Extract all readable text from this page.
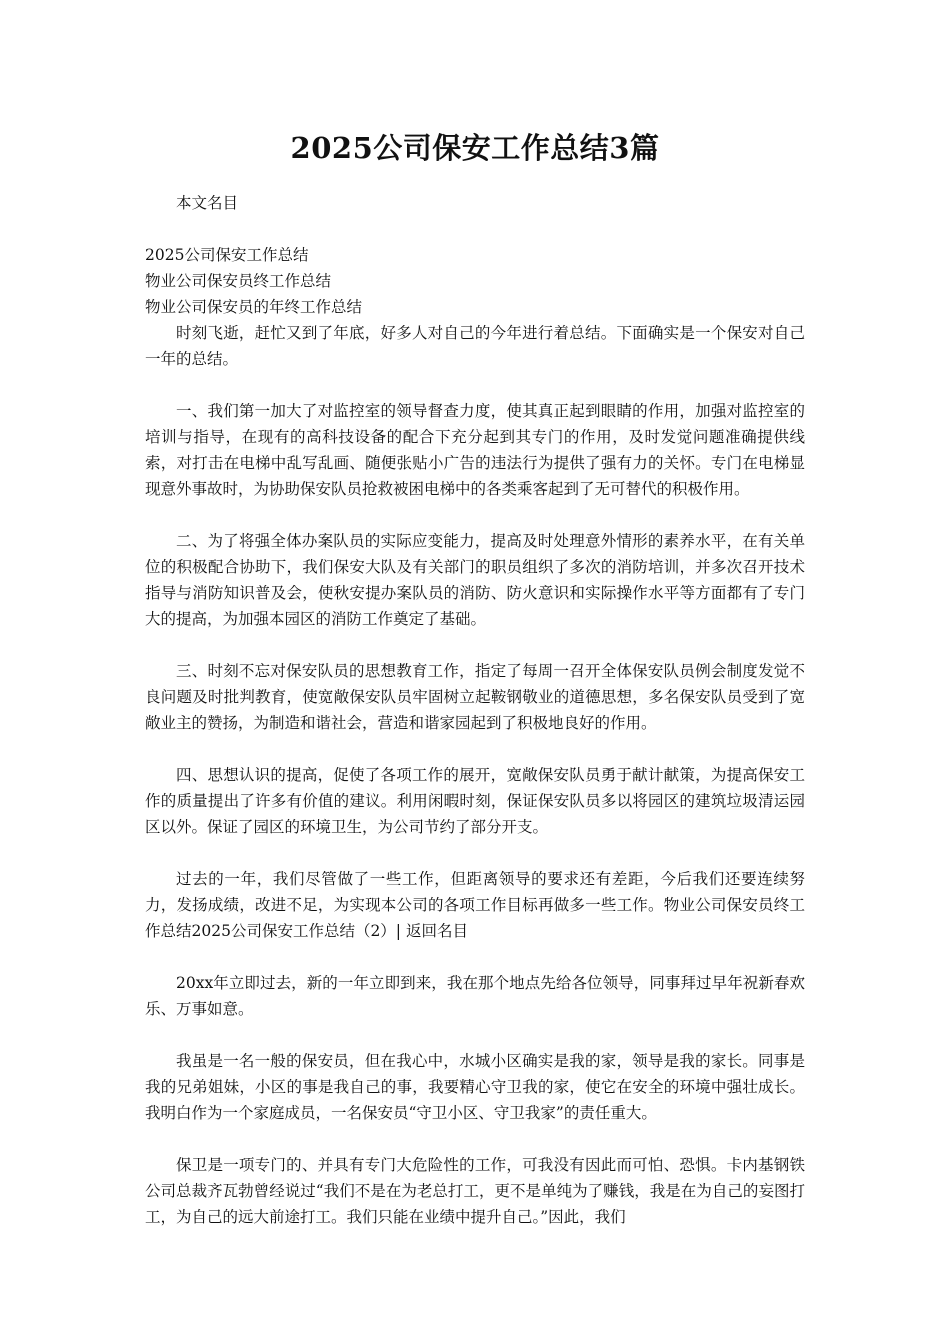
2025公司保安工作总结3篇

本文名目

2025公司保安工作总结
物业公司保安员终工作总结
物业公司保安员的年终工作总结

时刻飞逝，赶忙又到了年底，好多人对自己的今年进行着总结。下面确实是一个保安对自己一年的总结。

一、我们第一加大了对监控室的领导督查力度，使其真正起到眼睛的作用，加强对监控室的培训与指导，在现有的高科技设备的配合下充分起到其专门的作用，及时发觉问题准确提供线索，对打击在电梯中乱写乱画、随便张贴小广告的违法行为提供了强有力的关怀。专门在电梯显现意外事故时，为协助保安队员抢救被困电梯中的各类乘客起到了无可替代的积极作用。

二、为了将强全体办案队员的实际应变能力，提高及时处理意外情形的素养水平，在有关单位的积极配合协助下，我们保安大队及有关部门的职员组织了多次的消防培训，并多次召开技术指导与消防知识普及会，使秋安提办案队员的消防、防火意识和实际操作水平等方面都有了专门大的提高，为加强本园区的消防工作奠定了基础。

三、时刻不忘对保安队员的思想教育工作，指定了每周一召开全体保安队员例会制度发觉不良问题及时批判教育，使宽敞保安队员牢固树立起鞍钢敬业的道德思想，多名保安队员受到了宽敞业主的赞扬，为制造和谐社会，营造和谐家园起到了积极地良好的作用。

四、思想认识的提高，促使了各项工作的展开，宽敞保安队员勇于献计献策，为提高保安工作的质量提出了许多有价值的建议。利用闲暇时刻，保证保安队员多以将园区的建筑垃圾清运园区以外。保证了园区的环境卫生，为公司节约了部分开支。

过去的一年，我们尽管做了一些工作，但距离领导的要求还有差距，今后我们还要连续努力，发扬成绩，改进不足，为实现本公司的各项工作目标再做多一些工作。物业公司保安员终工作总结2025公司保安工作总结（2）| 返回名目

20xx年立即过去，新的一年立即到来，我在那个地点先给各位领导，同事拜过早年祝新春欢乐、万事如意。

我虽是一名一般的保安员，但在我心中，水城小区确实是我的家，领导是我的家长。同事是我的兄弟姐妹，小区的事是我自己的事，我要精心守卫我的家，使它在安全的环境中强壮成长。我明白作为一个家庭成员，一名保安员“守卫小区、守卫我家”的责任重大。

保卫是一项专门的、并具有专门大危险性的工作，可我没有因此而可怕、恐惧。卡内基钢铁公司总裁齐瓦勃曾经说过“我们不是在为老总打工，更不是单纯为了赚钱，我是在为自己的妄图打工，为自己的远大前途打工。我们只能在业绩中提升自己。”因此，我们
